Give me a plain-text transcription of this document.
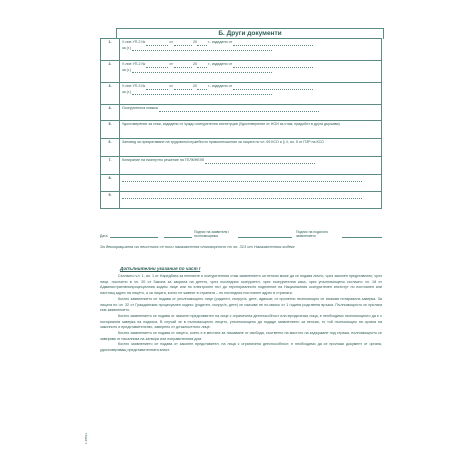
Б. Други документи
1.	У-ние УП-2 № от 20 г., издадено от
за (г.)
2.	У-ние УП-2 № от 20 г., издадено от
за (г.)
3.	У-ние УП-3 № от 20 г., издадено от
за (г.)
4.	Осигурителна книжка
5.	Удостоверение за стаж, издадено от чуждо осигурителна институция (Удостоверение от НОИ за стаж, придобит в друга държава)
6.	Заповед за прекратяване на трудовото/служебното правоотношение за лицата по чл. 69 КСО и § 4, ал. 5 от ПЗР на КСО
7.	Копирание на експертно решение на ТЕЛК/НЕЛК
8.	
9.	
Дата
Подпис на заявителя /пълномощника
Подпис на подалото заявлението
За декларацията на неистина се носи наказателна отговорност по чл. 313 от Наказателния кодекс
Допълнителни указания по част I

Съгласно чл. 1, ал. 1 от Наредбата за пенсиите и осигурителния стаж заявлението за пенсия може да се подава лично, чрез законен представител, чрез лице, посочено в чл. 20 от Закона за закрила на детето, чрез последния осигурител, чрез осигурителна каса, чрез упълномощено съгласно чл. 18 от Административнопроцесуалния кодекс лице или по електронен път до териториалното поделение на Националния осигурителен институт по постоянен или настоящ адрес на лицето, а за лицата, които не живеят в страната – по последния постоянен адрес в страната.

Когато заявлението се подава от упълномощено лице (родител, съпруг/а, дете, адвокат, от пролетни пълномощно се изисква нотариална заверка. За лицата по чл. 32 от Гражданския процесуален кодекс (родител, съпруг/а, дете) се изисква не по-малко от 1 година родствена връзка. Пълномощното се прилага към заявлението.

Когато заявлението се подава от законен представител на лице с ограничена дееспособност или юридически лица, е необходимо пълномощното да е с нотариална заверка на подписа. В случай че в пълномощното лицето, упълномощено да подаде заявлението за пенсия, то той пълномощно на органа на законното и представителство, заверено от длъжностното лице.

Когато заявлението се подава от лицето, което е в местата за лишаване от свобода, съответно на мястото на задържане под стража, пълномощното се заверява от началника на затвора или поправителния дом.

Когато заявлението се подава от законен представител, на лица с ограничена дееспособност, е необходимо да се приложи документ от органа, удостоверяващ представителната власт.

1-48531
